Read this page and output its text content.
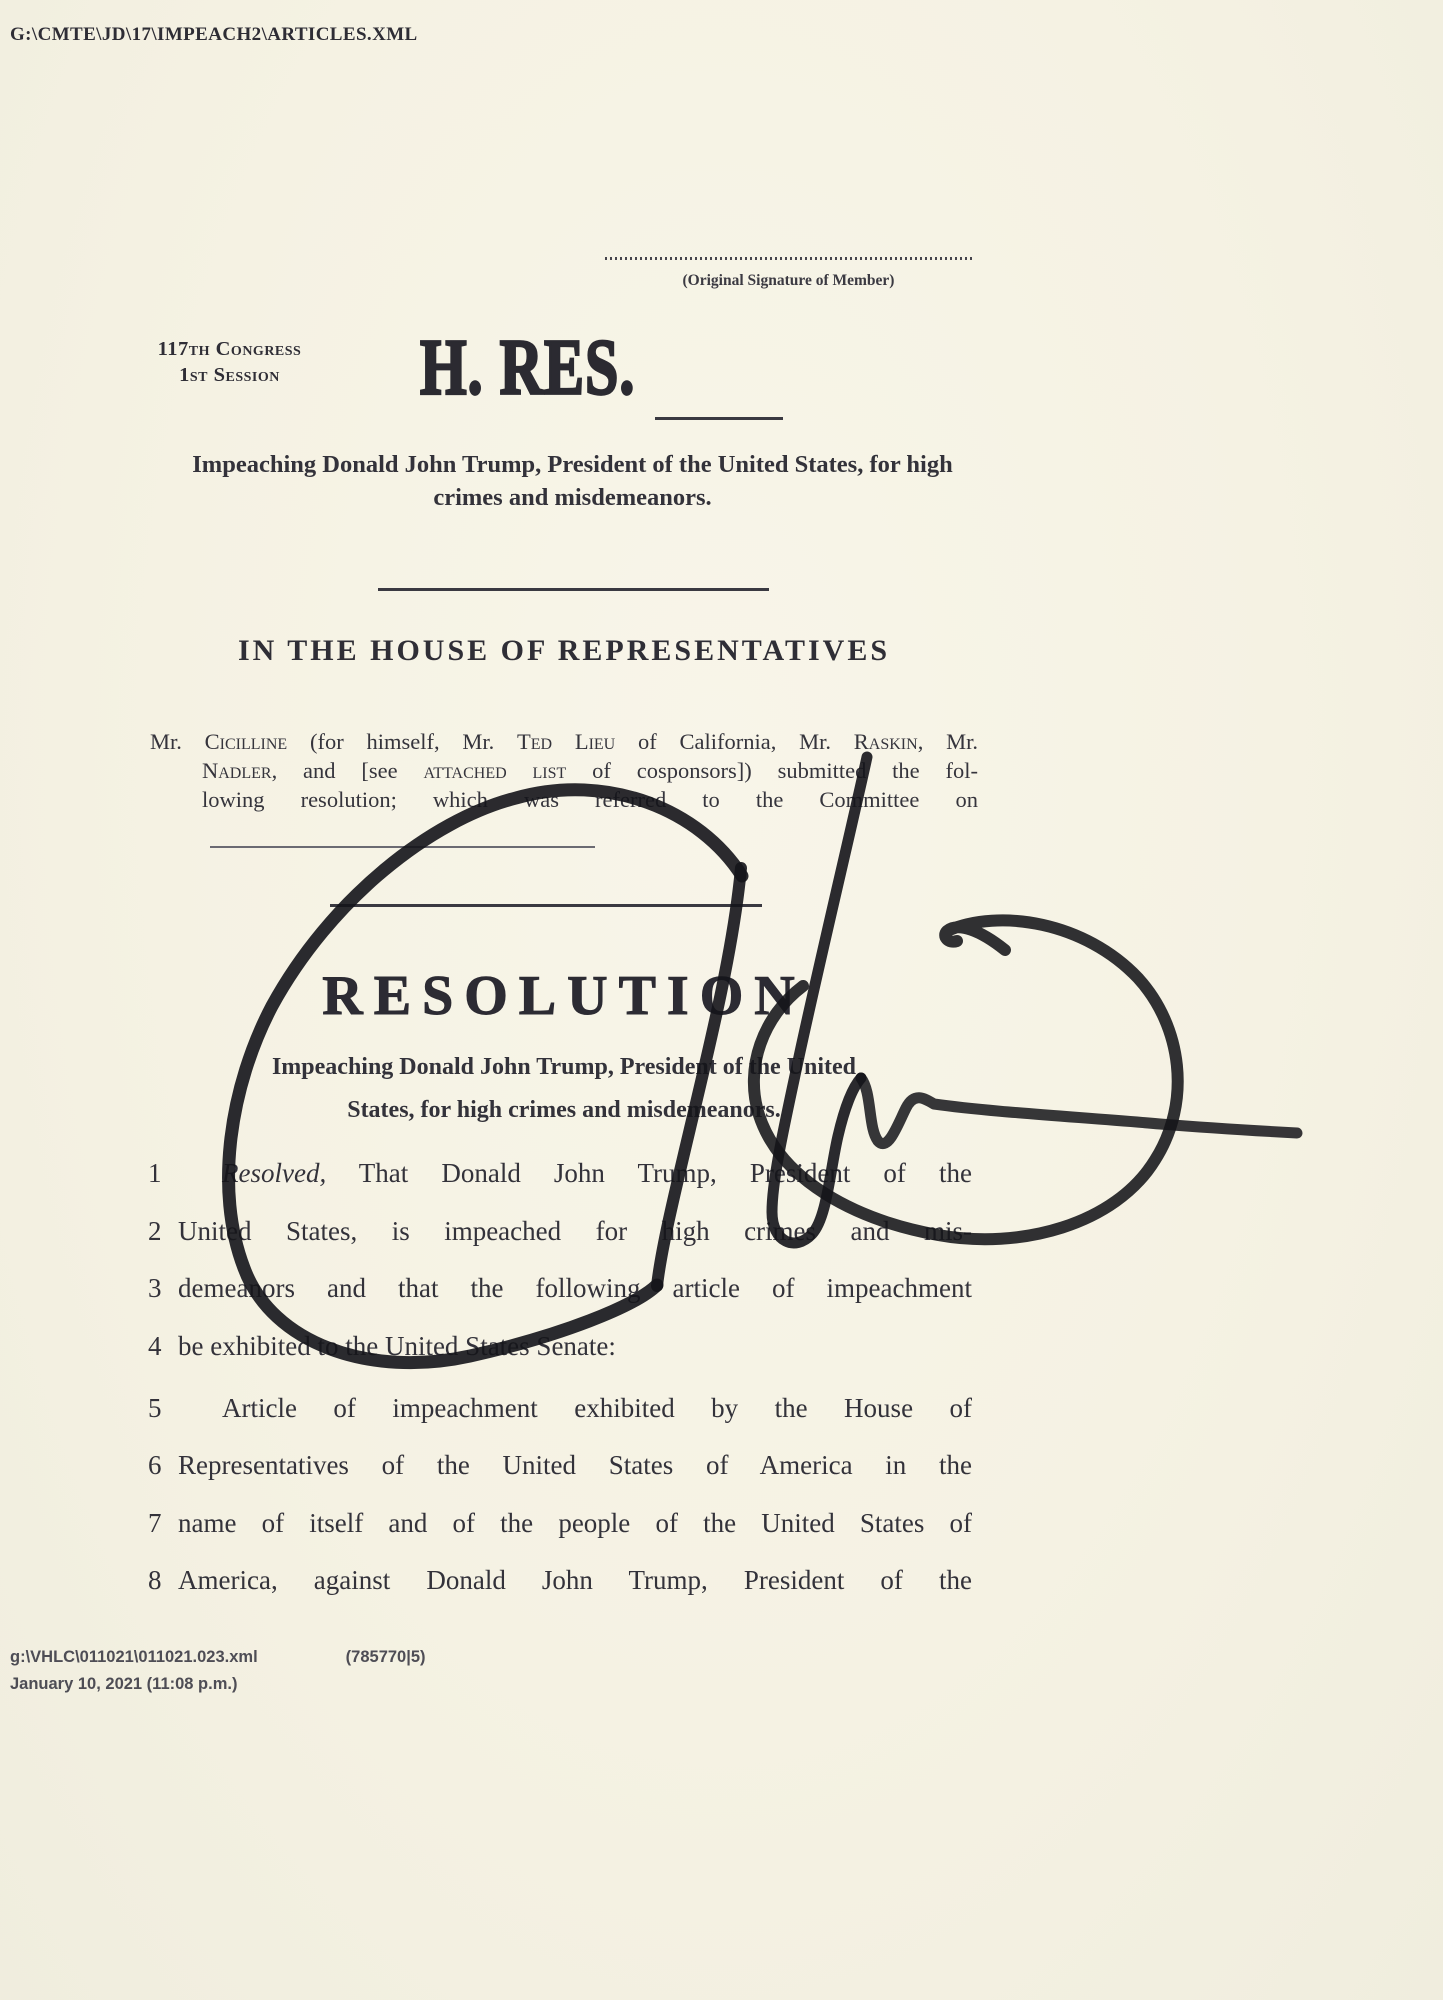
G:\CMTE\JD\17\IMPEACH2\ARTICLES.XML
(Original Signature of Member)
117th Congress
1st Session	H. RES.
Impeaching Donald John Trump, President of the United States, for high crimes and misdemeanors.
IN THE HOUSE OF REPRESENTATIVES
Mr. Cicilline (for himself, Mr. Ted Lieu of California, Mr. Raskin, Mr.
Nadler, and [see attached list of cosponsors]) submitted the fol-
lowing resolution; which was referred to the Committee on
RESOLUTION
Impeaching Donald John Trump, President of the United
States, for high crimes and misdemeanors.
1	Resolved, That Donald John Trump, President of the
2 United States, is impeached for high crimes and mis-
3 demeanors and that the following article of impeachment
4 be exhibited to the United States Senate:
5	Article of impeachment exhibited by the House of
6 Representatives of the United States of America in the
7 name of itself and of the people of the United States of
8 America, against Donald John Trump, President of the
g:\VHLC\011021\011021.023.xml	(785770|5)
January 10, 2021 (11:08 p.m.)
